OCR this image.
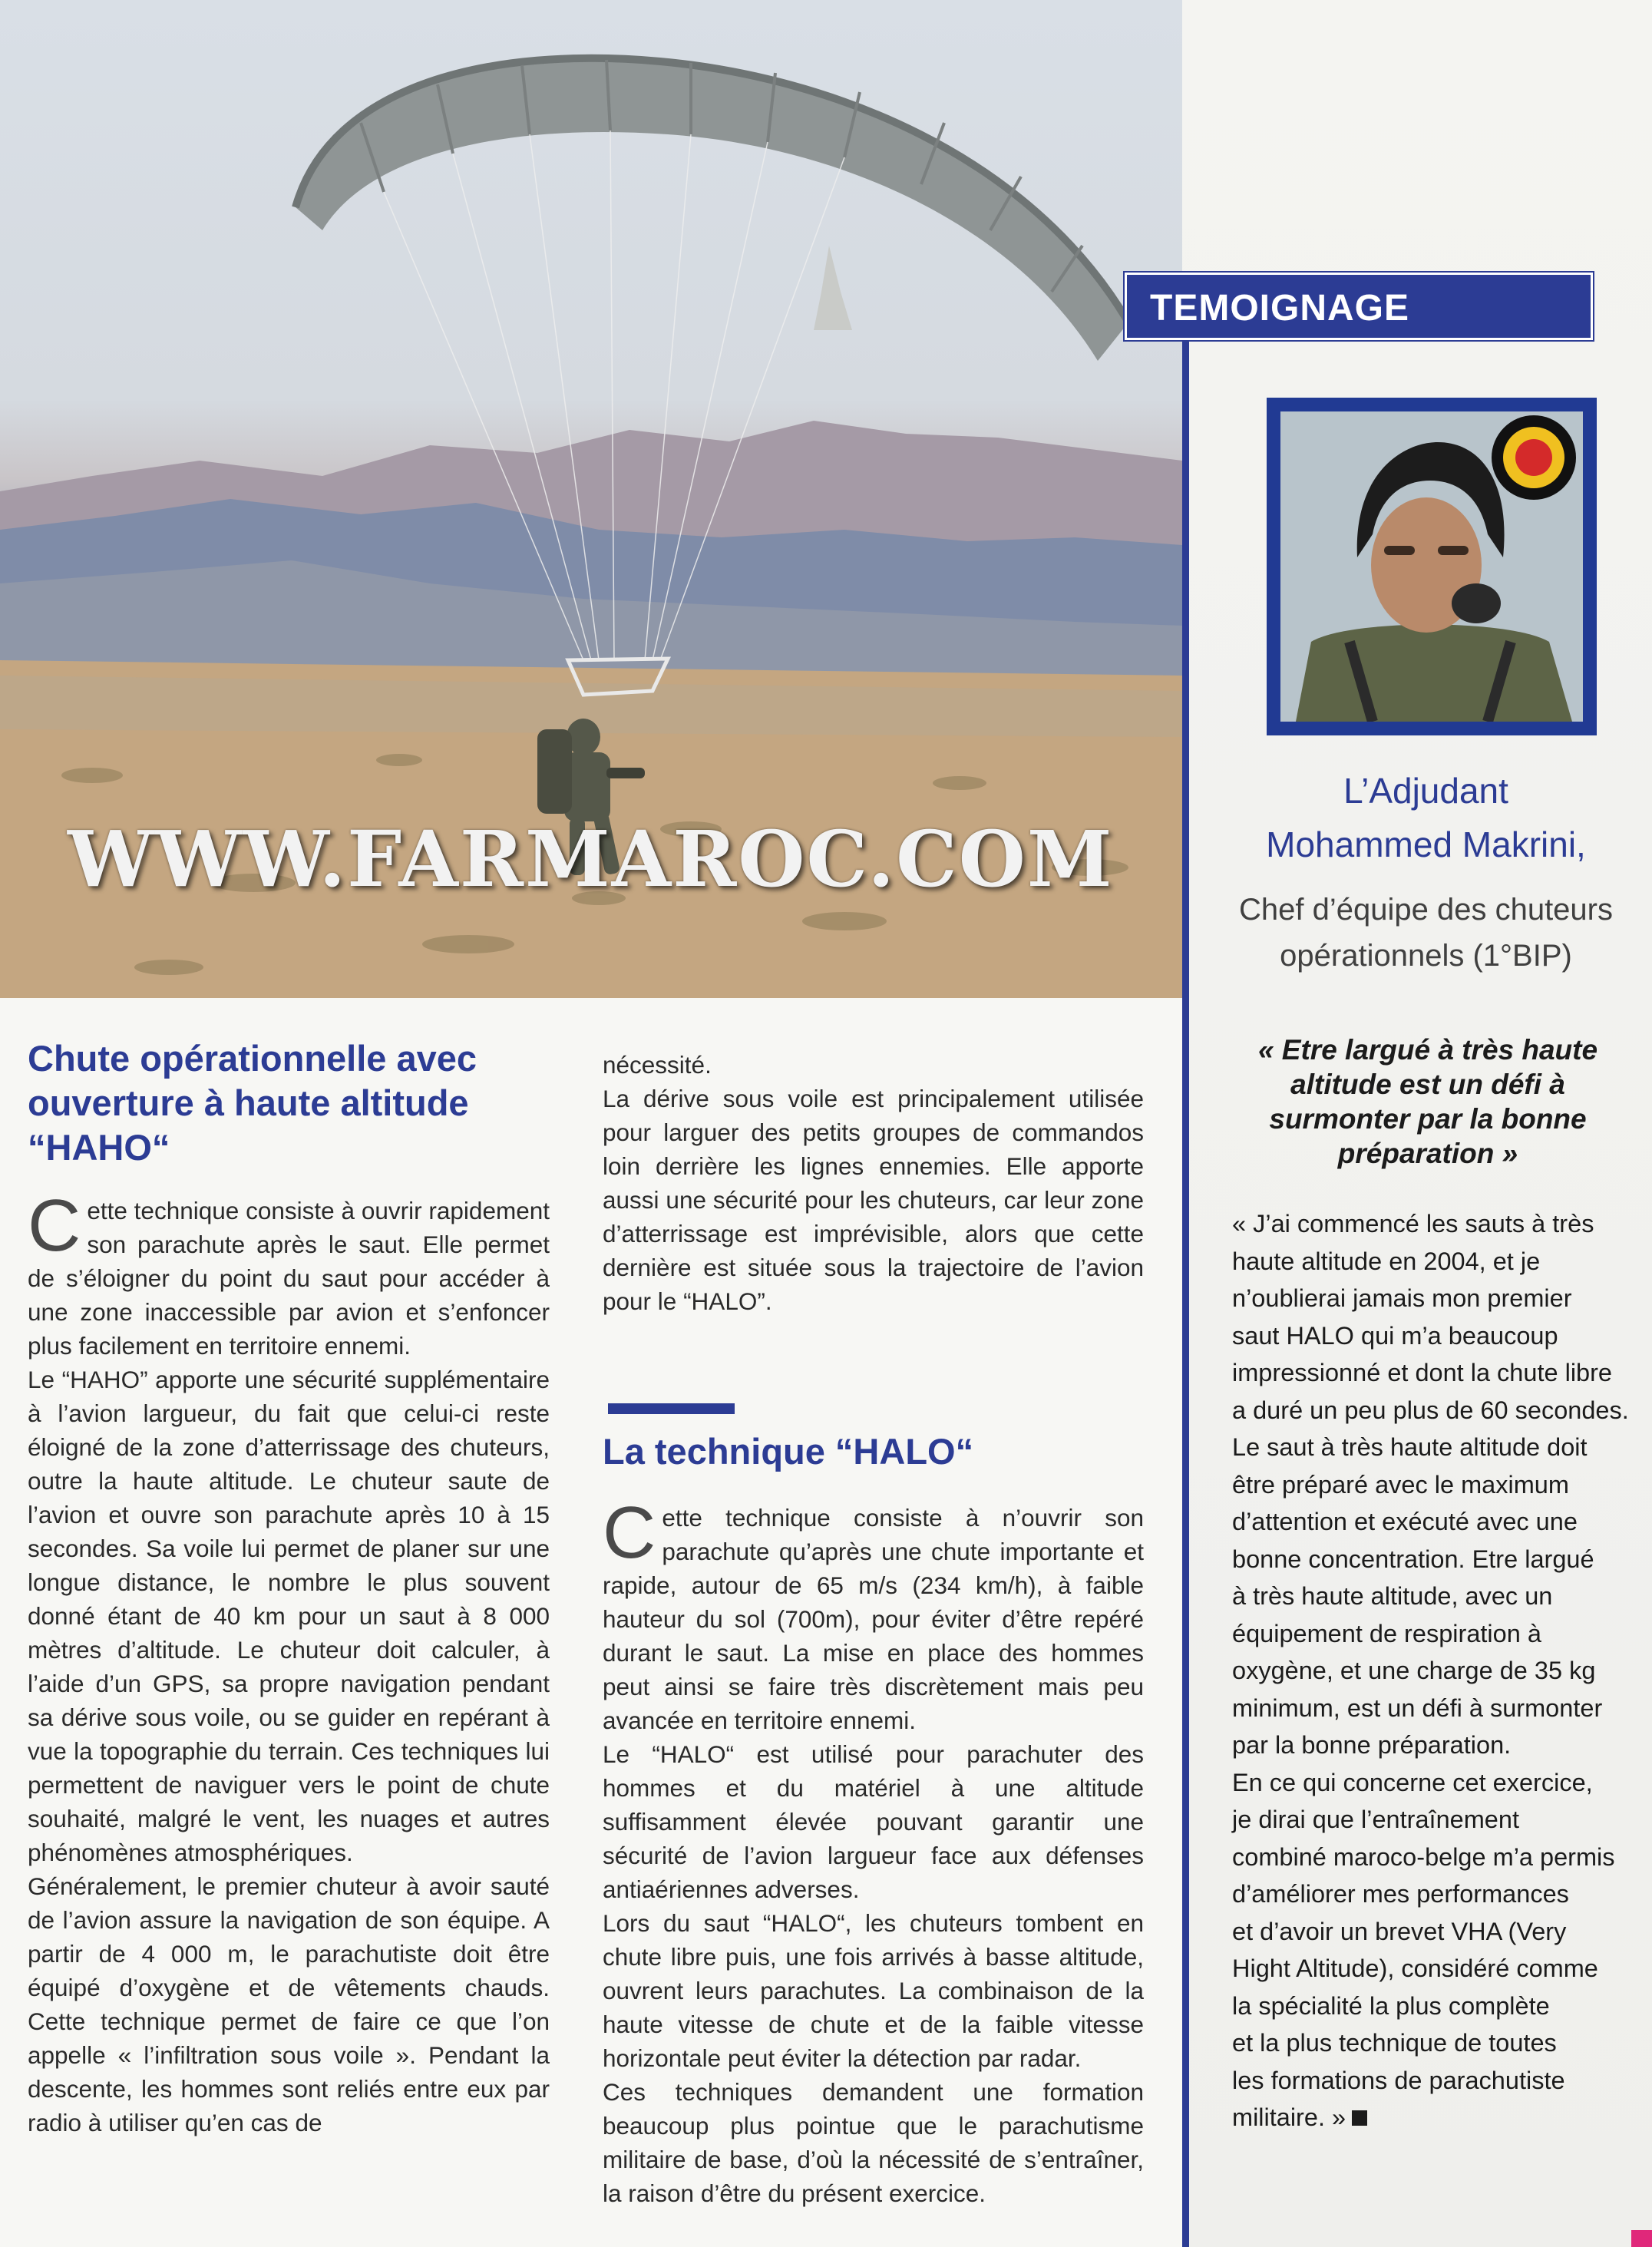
WWW.FARMAROC.COM
TEMOIGNAGE
L’Adjudant
Mohammed Makrini,
Chef d’équipe des chuteurs
opérationnels (1°BIP)
« Etre largué à très haute altitude est un défi à surmonter par la bonne préparation »
« J’ai commencé les sauts à très
haute altitude en 2004, et je
n’oublierai jamais mon premier
saut HALO qui m’a beaucoup
impressionné et dont la chute libre
a duré un peu plus de 60 secondes.
Le saut à très haute altitude doit
être préparé avec le maximum
d’attention et exécuté avec une
bonne concentration. Etre largué
à très haute altitude, avec un
équipement de respiration à
oxygène, et une charge de 35 kg
minimum, est un défi à surmonter
par la bonne préparation.
En ce qui concerne cet exercice,
je dirai que l’entraînement
combiné maroco-belge m’a permis
d’améliorer mes performances
et d’avoir un brevet VHA (Very
Hight Altitude), considéré comme
la spécialité la plus complète
et la plus technique de toutes
les formations de parachutiste
militaire. »
Chute opérationnelle avec
ouverture à haute altitude
“HAHO“

Cette technique consiste à ouvrir rapidement son parachute après le saut. Elle permet de s’éloigner du point du saut pour accéder à une zone inaccessible par avion et s’enfoncer plus facilement en territoire ennemi.

Le “HAHO” apporte une sécurité supplémentaire à l’avion largueur, du fait que celui-ci reste éloigné de la zone d’atterrissage des chuteurs, outre la haute altitude. Le chuteur saute de l’avion et ouvre son parachute après 10 à 15 secondes. Sa voile lui permet de planer sur une longue distance, le nombre le plus souvent donné étant de 40 km pour un saut à 8 000 mètres d’altitude. Le chuteur doit calculer, à l’aide d’un GPS, sa propre navigation pendant sa dérive sous voile, ou se guider en repérant à vue la topographie du terrain. Ces techniques lui permettent de naviguer vers le point de chute souhaité, malgré le vent, les nuages et autres phénomènes atmosphériques.

Généralement, le premier chuteur à avoir sauté de l’avion assure la navigation de son équipe. A partir de 4 000 m, le parachutiste doit être équipé d’oxygène et de vêtements chauds. Cette technique permet de faire ce que l’on appelle « l’infiltration sous voile ». Pendant la descente, les hommes sont reliés entre eux par radio à utiliser qu’en cas de

nécessité.

La dérive sous voile est principalement utilisée pour larguer des petits groupes de commandos loin derrière les lignes ennemies. Elle apporte aussi une sécurité pour les chuteurs, car leur zone d’atterrissage est imprévisible, alors que cette dernière est située sous la trajectoire de l’avion pour le “HALO”.

La technique “HALO“

Cette technique consiste à n’ouvrir son parachute qu’après une chute importante et rapide, autour de 65 m/s (234 km/h), à faible hauteur du sol (700m), pour éviter d’être repéré durant le saut. La mise en place des hommes peut ainsi se faire très discrètement mais peu avancée en territoire ennemi.

Le “HALO“ est utilisé pour parachuter des hommes et du matériel à une altitude suffisamment élevée pouvant garantir une sécurité de l’avion largueur face aux défenses antiaériennes adverses.

Lors du saut “HALO“, les chuteurs tombent en chute libre puis, une fois arrivés à basse altitude, ouvrent leurs parachutes. La combinaison de la haute vitesse de chute et de la faible vitesse horizontale peut éviter la détection par radar.

Ces techniques demandent une formation beaucoup plus pointue que le parachutisme militaire de base, d’où la nécessité de s’entraîner, la raison d’être du présent exercice.
